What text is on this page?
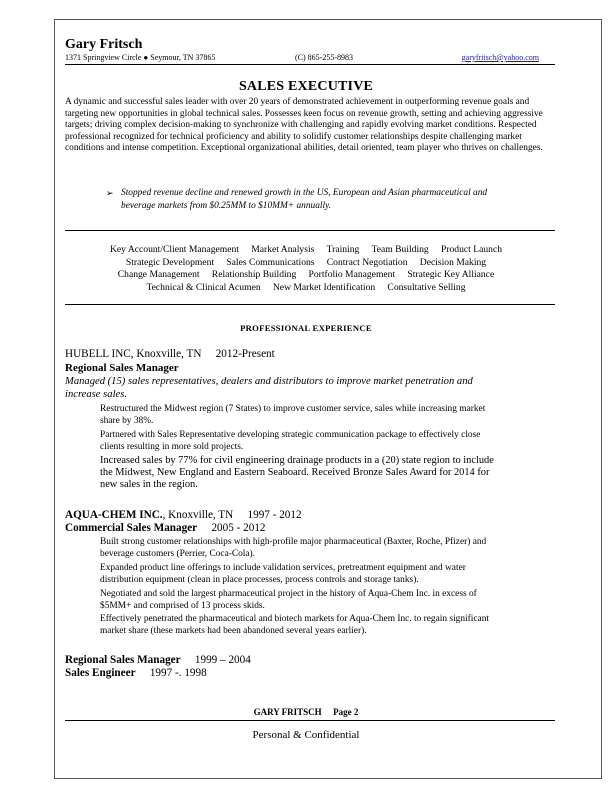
Gary Fritsch
1371 Springview Circle ● Seymour, TN 37865	(C) 865-255-8983	garyfritsch@yahoo.com
SALES EXECUTIVE
A dynamic and successful sales leader with over 20 years of demonstrated achievement in outperforming revenue goals and targeting new opportunities in global technical sales. Possesses keen focus on revenue growth, setting and achieving aggressive targets; driving complex decision-making to synchronize with challenging and rapidly evolving market conditions. Respected professional recognized for technical proficiency and ability to solidify customer relationships despite challenging market conditions and intense competition. Exceptional organizational abilities, detail oriented, team player who thrives on challenges.
➢ Stopped revenue decline and renewed growth in the US, European and Asian pharmaceutical and
beverage markets from $0.25MM to $10MM+ annually.
Key Account/Client Management Market Analysis Training Team Building Product Launch
Strategic Development Sales Communications Contract Negotiation Decision Making
Change Management Relationship Building Portfolio Management Strategic Key Alliance
Technical & Clinical Acumen New Market Identification Consultative Selling
PROFESSIONAL EXPERIENCE
HUBELL INC, Knoxville, TN 2012-Present
Regional Sales Manager
Managed (15) sales representatives, dealers and distributors to improve market penetration and
increase sales.
Restructured the Midwest region (7 States) to improve customer service, sales while increasing market
share by 38%.
Partnered with Sales Representative developing strategic communication package to effectively close
clients resulting in more sold projects.
Increased sales by 77% for civil engineering drainage products in a (20) state region to include
the Midwest, New England and Eastern Seaboard. Received Bronze Sales Award for 2014 for
new sales in the region.
AQUA-CHEM INC., Knoxville, TN 1997 - 2012
Commercial Sales Manager 2005 - 2012
Built strong customer relationships with high-profile major pharmaceutical (Baxter, Roche, Pfizer) and
beverage customers (Perrier, Coca-Cola).
Expanded product line offerings to include validation services, pretreatment equipment and water
distribution equipment (clean in place processes, process controls and storage tanks).
Negotiated and sold the largest pharmaceutical project in the history of Aqua-Chem Inc. in excess of
$5MM+ and comprised of 13 process skids.
Effectively penetrated the pharmaceutical and biotech markets for Aqua-Chem Inc. to regain significant
market share (these markets had been abandoned several years earlier).
Regional Sales Manager 1999 – 2004
Sales Engineer 1997 -. 1998
GARY FRITSCH Page 2
Personal & Confidential
